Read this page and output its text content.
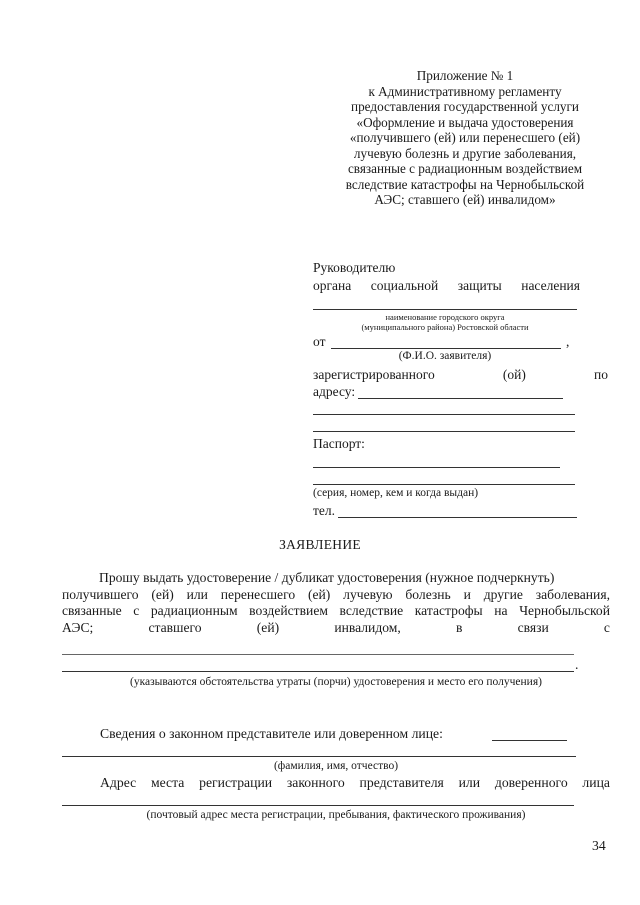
Приложение № 1
к Административному регламенту
предоставления государственной услуги
«Оформление и выдача удостоверения
«получившего (ей) или перенесшего (ей)
лучевую болезнь и другие заболевания,
связанные с радиационным воздействием
вследствие катастрофы на Чернобыльской
АЭС; ставшего (ей) инвалидом»
Руководителю
органа социальной защиты населения
наименование городского округа
(муниципального района) Ростовской области
от	,
(Ф.И.О. заявителя)
зарегистрированного	(ой)	по
адресу:
Паспорт:
(серия, номер, кем и когда выдан)
тел.
ЗАЯВЛЕНИЕ

Прошу выдать удостоверение / дубликат удостоверения (нужное подчеркнуть)

получившего (ей) или перенесшего (ей) лучевую болезнь и другие заболевания,

связанные с радиационным воздействием вследствие катастрофы на Чернобыльской

АЭС;	ставшего	(ей)	инвалидом,	в	связи	с
.
(указываются обстоятельства утраты (порчи) удостоверения и место его получения)
Сведения о законном представителе или доверенном лице:
(фамилия, имя, отчество)
Адрес места регистрации законного представителя или доверенного лица
(почтовый адрес места регистрации, пребывания, фактического проживания)
34
